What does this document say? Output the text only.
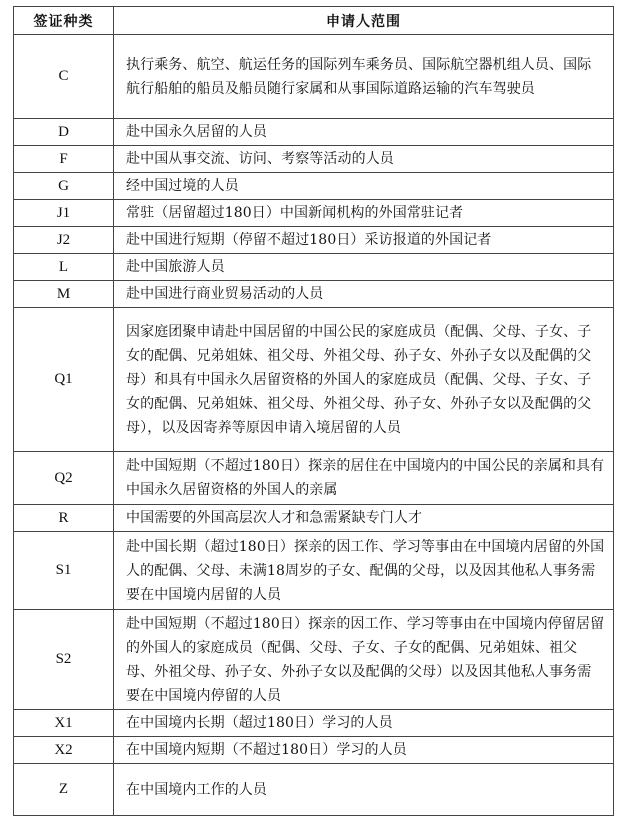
签证种类	申请人范围
C	执行乘务、航空、航运任务的国际列车乘务员、国际航空器机组人员、国际航行船舶的船员及船员随行家属和从事国际道路运输的汽车驾驶员
D	赴中国永久居留的人员
F	赴中国从事交流、访问、考察等活动的人员
G	经中国过境的人员
J1	常驻（居留超过180日）中国新闻机构的外国常驻记者
J2	赴中国进行短期（停留不超过180日）采访报道的外国记者
L	赴中国旅游人员
M	赴中国进行商业贸易活动的人员
Q1	因家庭团聚申请赴中国居留的中国公民的家庭成员（配偶、父母、子女、子女的配偶、兄弟姐妹、祖父母、外祖父母、孙子女、外孙子女以及配偶的父母）和具有中国永久居留资格的外国人的家庭成员（配偶、父母、子女、子女的配偶、兄弟姐妹、祖父母、外祖父母、孙子女、外孙子女以及配偶的父母），以及因寄养等原因申请入境居留的人员
Q2	赴中国短期（不超过180日）探亲的居住在中国境内的中国公民的亲属和具有中国永久居留资格的外国人的亲属
R	中国需要的外国高层次人才和急需紧缺专门人才
S1	赴中国长期（超过180日）探亲的因工作、学习等事由在中国境内居留的外国人的配偶、父母、未满18周岁的子女、配偶的父母，以及因其他私人事务需要在中国境内居留的人员
S2	赴中国短期（不超过180日）探亲的因工作、学习等事由在中国境内停留居留的外国人的家庭成员（配偶、父母、子女、子女的配偶、兄弟姐妹、祖父母、外祖父母、孙子女、外孙子女以及配偶的父母）以及因其他私人事务需要在中国境内停留的人员
X1	在中国境内长期（超过180日）学习的人员
X2	在中国境内短期（不超过180日）学习的人员
Z	在中国境内工作的人员
